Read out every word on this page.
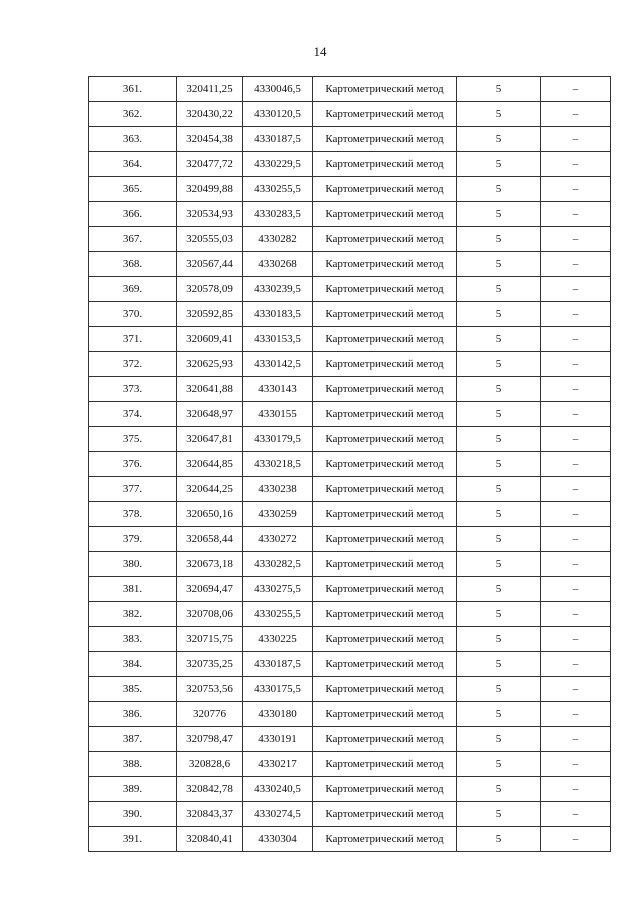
14
361.	320411,25	4330046,5	Картометрический метод	5	–
362.	320430,22	4330120,5	Картометрический метод	5	–
363.	320454,38	4330187,5	Картометрический метод	5	–
364.	320477,72	4330229,5	Картометрический метод	5	–
365.	320499,88	4330255,5	Картометрический метод	5	–
366.	320534,93	4330283,5	Картометрический метод	5	–
367.	320555,03	4330282	Картометрический метод	5	–
368.	320567,44	4330268	Картометрический метод	5	–
369.	320578,09	4330239,5	Картометрический метод	5	–
370.	320592,85	4330183,5	Картометрический метод	5	–
371.	320609,41	4330153,5	Картометрический метод	5	–
372.	320625,93	4330142,5	Картометрический метод	5	–
373.	320641,88	4330143	Картометрический метод	5	–
374.	320648,97	4330155	Картометрический метод	5	–
375.	320647,81	4330179,5	Картометрический метод	5	–
376.	320644,85	4330218,5	Картометрический метод	5	–
377.	320644,25	4330238	Картометрический метод	5	–
378.	320650,16	4330259	Картометрический метод	5	–
379.	320658,44	4330272	Картометрический метод	5	–
380.	320673,18	4330282,5	Картометрический метод	5	–
381.	320694,47	4330275,5	Картометрический метод	5	–
382.	320708,06	4330255,5	Картометрический метод	5	–
383.	320715,75	4330225	Картометрический метод	5	–
384.	320735,25	4330187,5	Картометрический метод	5	–
385.	320753,56	4330175,5	Картометрический метод	5	–
386.	320776	4330180	Картометрический метод	5	–
387.	320798,47	4330191	Картометрический метод	5	–
388.	320828,6	4330217	Картометрический метод	5	–
389.	320842,78	4330240,5	Картометрический метод	5	–
390.	320843,37	4330274,5	Картометрический метод	5	–
391.	320840,41	4330304	Картометрический метод	5	–
